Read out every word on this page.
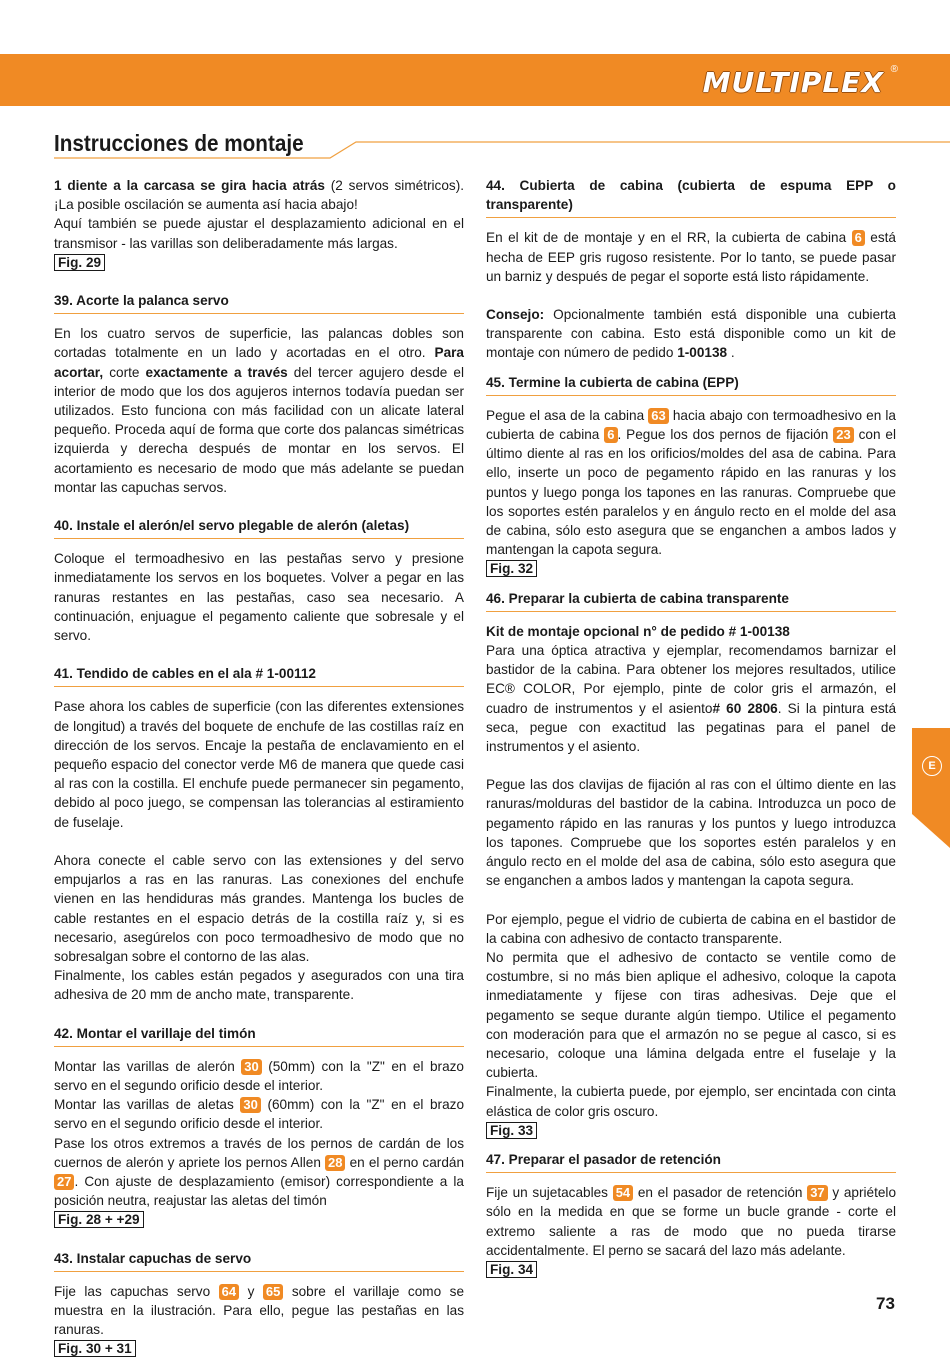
MULTIPLEX ®
Instrucciones de montaje

1 diente a la carcasa se gira hacia atrás (2 servos simétricos). ¡La posible oscilación se aumenta así hacia abajo!

Aquí también se puede ajustar el desplazamiento adicional en el transmisor - las varillas son deliberadamente más largas.

Fig. 29

39. Acorte la palanca servo

En los cuatro servos de superficie, las palancas dobles son cortadas totalmente en un lado y acortadas en el otro. Para acortar, corte exactamente a través del tercer agujero desde el interior de modo que los dos agujeros internos todavía puedan ser utilizados. Esto funciona con más facilidad con un alicate lateral pequeño. Proceda aquí de forma que corte dos palancas simétricas izquierda y derecha después de montar en los servos. El acortamiento es necesario de modo que más adelante se puedan montar las capuchas servos.

40. Instale el alerón/el servo plegable de alerón (aletas)

Coloque el termoadhesivo en las pestañas servo y presione inmediatamente los servos en los boquetes. Volver a pegar en las ranuras restantes en las pestañas, caso sea necesario. A continuación, enjuague el pegamento caliente que sobresale y el servo.

41. Tendido de cables en el ala # 1-00112

Pase ahora los cables de superficie (con las diferentes extensiones de longitud) a través del boquete de enchufe de las costillas raíz en dirección de los servos. Encaje la pestaña de enclavamiento en el pequeño espacio del conector verde M6 de manera que quede casi al ras con la costilla. El enchufe puede permanecer sin pegamento, debido al poco juego, se compensan las tolerancias al estiramiento de fuselaje.

Ahora conecte el cable servo con las extensiones y del servo empujarlos a ras en las ranuras. Las conexiones del enchufe vienen en las hendiduras más grandes. Mantenga los bucles de cable restantes en el espacio detrás de la costilla raíz y, si es necesario, asegúrelos con poco termoadhesivo de modo que no sobresalgan sobre el contorno de las alas.

Finalmente, los cables están pegados y asegurados con una tira adhesiva de 20 mm de ancho mate, transparente.

42. Montar el varillaje del timón

Montar las varillas de alerón 30 (50mm) con la "Z" en el brazo servo en el segundo orificio desde el interior.

Montar las varillas de aletas 30 (60mm) con la "Z" en el brazo servo en el segundo orificio desde el interior.

Pase los otros extremos a través de los pernos de cardán de los cuernos de alerón y apriete los pernos Allen 28 en el perno cardán 27 . Con ajuste de desplazamiento (emisor) correspondiente a la posición neutra, reajustar las aletas del timón

Fig. 28 + +29

43. Instalar capuchas de servo

Fije las capuchas servo 64 y 65 sobre el varillaje como se muestra en la ilustración. Para ello, pegue las pestañas en las ranuras.

Fig. 30 + 31

44. Cubierta de cabina (cubierta de espuma EPP o transparente)

En el kit de de montaje y en el RR, la cubierta de cabina 6 está hecha de EEP gris rugoso resistente. Por lo tanto, se puede pasar un barniz y después de pegar el soporte está listo rápidamente.

Consejo: Opcionalmente también está disponible una cubierta transparente con cabina. Esto está disponible como un kit de montaje con número de pedido 1-00138 .

45. Termine la cubierta de cabina (EPP)

Pegue el asa de la cabina 63 hacia abajo con termoadhesivo en la cubierta de cabina 6 . Pegue los dos pernos de fijación 23 con el último diente al ras en los orificios/moldes del asa de cabina. Para ello, inserte un poco de pegamento rápido en las ranuras y los puntos y luego ponga los tapones en las ranuras. Compruebe que los soportes estén paralelos y en ángulo recto en el molde del asa de cabina, sólo esto asegura que se enganchen a ambos lados y mantengan la capota segura.

Fig. 32

46. Preparar la cubierta de cabina transparente

Kit de montaje opcional n° de pedido # 1-00138

Para una óptica atractiva y ejemplar, recomendamos barnizar el bastidor de la cabina. Para obtener los mejores resultados, utilice EC® COLOR, Por ejemplo, pinte de color gris el armazón, el cuadro de instrumentos y el asiento# 60 2806. Si la pintura está seca, pegue con exactitud las pegatinas para el panel de instrumentos y el asiento.

Pegue las dos clavijas de fijación al ras con el último diente en las ranuras/molduras del bastidor de la cabina. Introduzca un poco de pegamento rápido en las ranuras y los puntos y luego introduzca los tapones. Compruebe que los soportes estén paralelos y en ángulo recto en el molde del asa de cabina, sólo esto asegura que se enganchen a ambos lados y mantengan la capota segura.

Por ejemplo, pegue el vidrio de cubierta de cabina en el bastidor de la cabina con adhesivo de contacto transparente.

No permita que el adhesivo de contacto se ventile como de costumbre, si no más bien aplique el adhesivo, coloque la capota inmediatamente y fíjese con tiras adhesivas. Deje que el pegamento se seque durante algún tiempo. Utilice el pegamento con moderación para que el armazón no se pegue al casco, si es necesario, coloque una lámina delgada entre el fuselaje y la cubierta.

Finalmente, la cubierta puede, por ejemplo, ser encintada con cinta elástica de color gris oscuro.

Fig. 33

47. Preparar el pasador de retención

Fije un sujetacables 54 en el pasador de retención 37 y apriételo sólo en la medida en que se forme un bucle grande - corte el extremo saliente a ras de modo que no pueda tirarse accidentalmente. El perno se sacará del lazo más adelante.

Fig. 34
E
73
